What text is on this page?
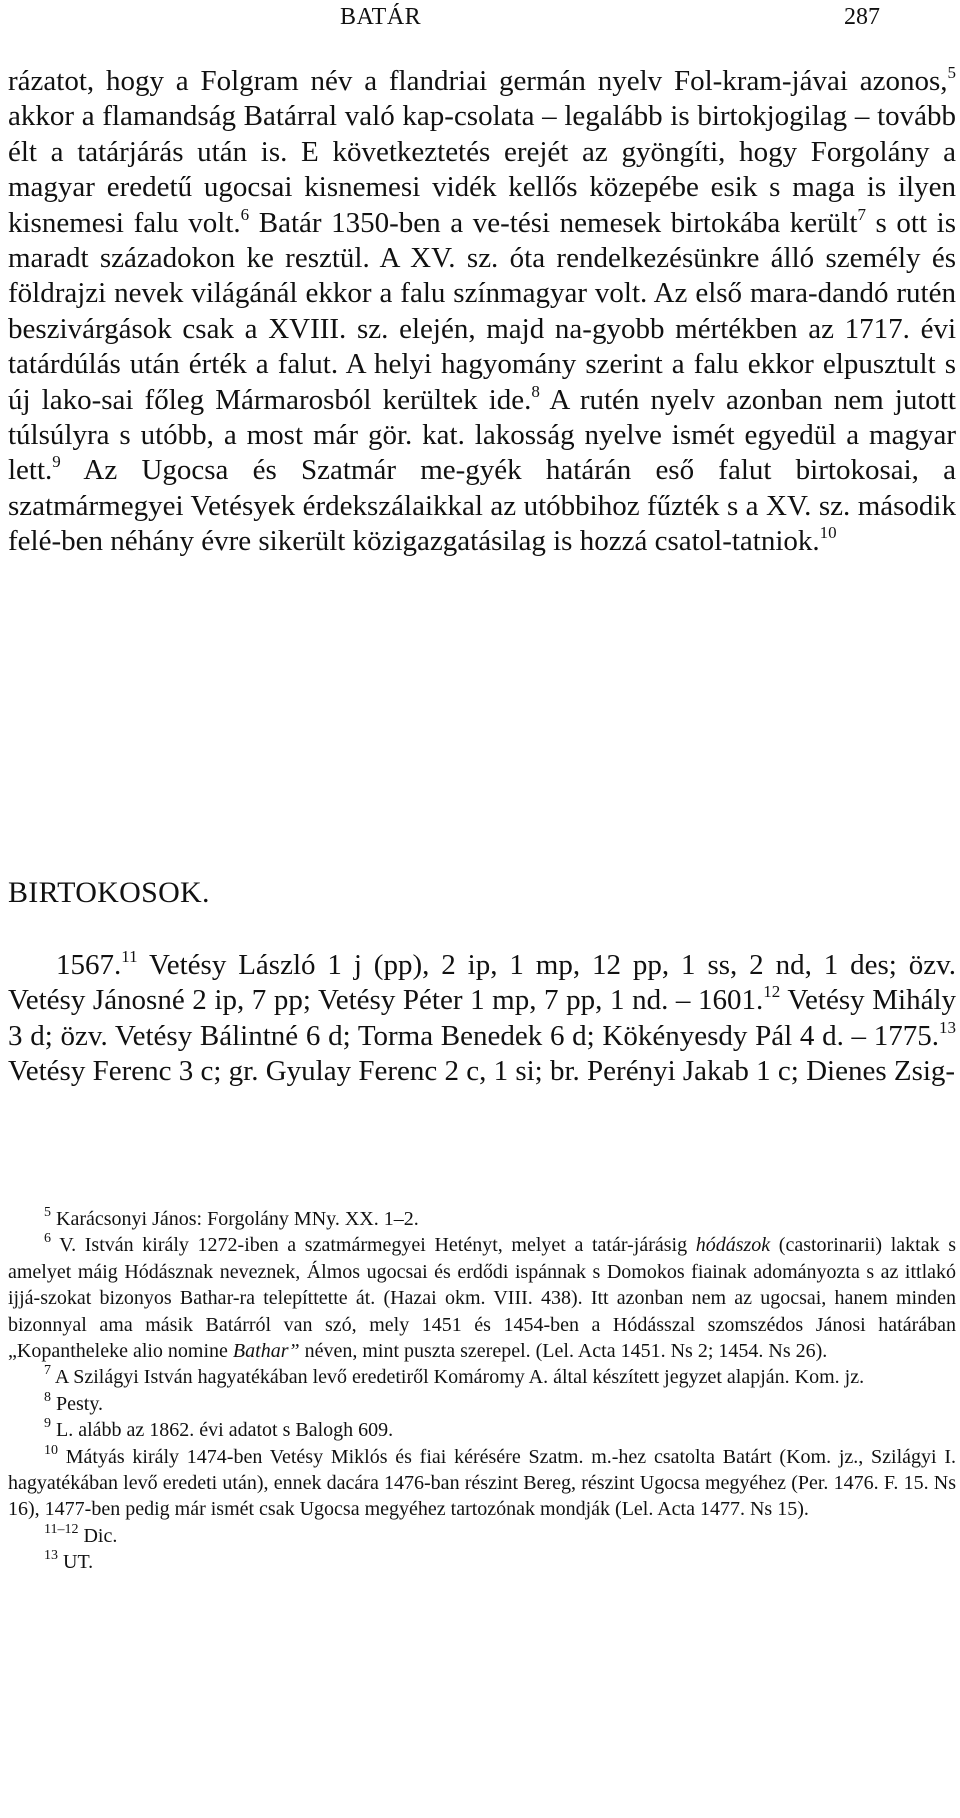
BATÁR	287

rázatot, hogy a Folgram név a flandriai germán nyelv Fol-kram-jávai azonos,$^5$ akkor a flamandság Batárral való kap-csolata – legalább is birtokjogilag – tovább élt a tatárjárás után is. E következtetés erejét az gyöngíti, hogy Forgolány a magyar eredetű ugocsai kisnemesi vidék kellős közepébe esik s maga is ilyen kisnemesi falu volt.$^6$ Batár 1350-ben a ve-tési nemesek birtokába került$^7$ s ott is maradt századokon ke resztül. A XV. sz. óta rendelkezésünkre álló személy és földrajzi nevek világánál ekkor a falu színmagyar volt. Az első mara-dandó rutén beszivárgások csak a XVIII. sz. elején, majd na-gyobb mértékben az 1717. évi tatárdúlás után érték a falut. A helyi hagyomány szerint a falu ekkor elpusztult s új lako-sai főleg Mármarosból kerültek ide.$^8$ A rutén nyelv azonban nem jutott túlsúlyra s utóbb, a most már gör. kat. lakosság nyelve ismét egyedül a magyar lett.$^9$ Az Ugocsa és Szatmár me-gyék határán eső falut birtokosai, a szatmármegyei Vetésyek érdekszálaikkal az utóbbihoz fűzték s a XV. sz. második felé-ben néhány évre sikerült közigazgatásilag is hozzá csatol-tatniok.$^{10}$

BIRTOKOSOK.

1567.11 Vetésy László 1 j (pp), 2 ip, 1 mp, 12 pp, 1 ss, 2 nd, 1 des; özv. Vetésy Jánosné 2 ip, 7 pp; Vetésy Péter 1 mp, 7 pp, 1 nd. – 1601.12 Vetésy Mihály 3 d; özv. Vetésy Bálintné 6 d; Torma Benedek 6 d; Kökényesdy Pál 4 d. – 1775.13 Vetésy Ferenc 3 c; gr. Gyulay Ferenc 2 c, 1 si; br. Perényi Jakab 1 c; Dienes Zsig-

$^5$ Karácsonyi János: Forgolány MNy. XX. 1–2.

$^6$ V. István király 1272-iben a szatmármegyei Hetényt, melyet a tatár-járásig hódászok (castorinarii) laktak s amelyet máig Hódásznak neveznek, Álmos ugocsai és erdődi ispánnak s Domokos fiainak adományozta s az ittlakó ijjá-szokat bizonyos Bathar-ra telepíttette át. (Hazai okm. VIII. 438). Itt azonban nem az ugocsai, hanem minden bizonnyal ama másik Batárról van szó, mely 1451 és 1454-ben a Hódásszal szomszédos Jánosi határában „Kopantheleke alio nomine Bathar” néven, mint puszta szerepel. (Lel. Acta 1451. Ns 2; 1454. Ns 26).

$^7$ A Szilágyi István hagyatékában levő eredetiről Komáromy A. által készített jegyzet alapján. Kom. jz.

$^8$ Pesty.

$^9$ L. alább az 1862. évi adatot s Balogh 609.

$^{10}$ Mátyás király 1474-ben Vetésy Miklós és fiai kérésére Szatm. m.-hez csatolta Batárt (Kom. jz., Szilágyi I. hagyatékában levő eredeti után), ennek dacára 1476-ban részint Bereg, részint Ugocsa megyéhez (Per. 1476. F. 15. Ns 16), 1477-ben pedig már ismét csak Ugocsa megyéhez tartozónak mondják (Lel. Acta 1477. Ns 15).

$^{11-12}$ Dic.

$^{13}$ UT.
